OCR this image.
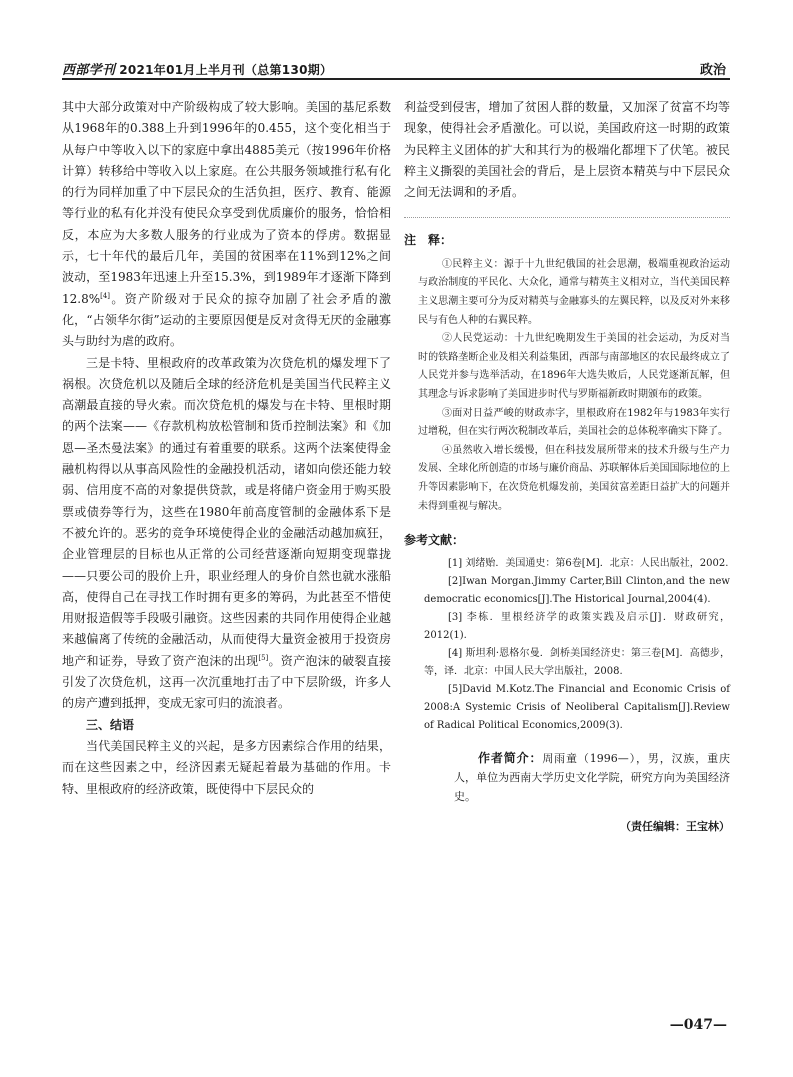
西部学刊 2021年01月上半月刊（总第130期）	政治

其中大部分政策对中产阶级构成了较大影响。美国的基尼系数从1968年的0.388上升到1996年的0.455，这个变化相当于从每户中等收入以下的家庭中拿出4885美元（按1996年价格计算）转移给中等收入以上家庭。在公共服务领域推行私有化的行为同样加重了中下层民众的生活负担，医疗、教育、能源等行业的私有化并没有使民众享受到优质廉价的服务，恰恰相反，本应为大多数人服务的行业成为了资本的俘虏。数据显示，七十年代的最后几年，美国的贫困率在11%到12%之间波动，至1983年迅速上升至15.3%，到1989年才逐渐下降到12.8%[4]。资产阶级对于民众的掠夺加剧了社会矛盾的激化，“占领华尔街”运动的主要原因便是反对贪得无厌的金融寡头与助纣为虐的政府。

三是卡特、里根政府的改革政策为次贷危机的爆发埋下了祸根。次贷危机以及随后全球的经济危机是美国当代民粹主义高潮最直接的导火索。而次贷危机的爆发与在卡特、里根时期的两个法案——《存款机构放松管制和货币控制法案》和《加恩—圣杰曼法案》的通过有着重要的联系。这两个法案使得金融机构得以从事高风险性的金融投机活动，诸如向偿还能力较弱、信用度不高的对象提供贷款，或是将储户资金用于购买股票或债券等行为，这些在1980年前高度管制的金融体系下是不被允许的。恶劣的竞争环境使得企业的金融活动越加疯狂，企业管理层的目标也从正常的公司经营逐渐向短期变现靠拢——只要公司的股价上升，职业经理人的身价自然也就水涨船高，使得自己在寻找工作时拥有更多的筹码，为此甚至不惜使用财报造假等手段吸引融资。这些因素的共同作用使得企业越来越偏离了传统的金融活动，从而使得大量资金被用于投资房地产和证券，导致了资产泡沫的出现[5]。资产泡沫的破裂直接引发了次贷危机，这再一次沉重地打击了中下层阶级，许多人的房产遭到抵押，变成无家可归的流浪者。

三、结语

当代美国民粹主义的兴起，是多方因素综合作用的结果，而在这些因素之中，经济因素无疑起着最为基础的作用。卡特、里根政府的经济政策，既使得中下层民众的

利益受到侵害，增加了贫困人群的数量，又加深了贫富不均等现象，使得社会矛盾激化。可以说，美国政府这一时期的政策为民粹主义团体的扩大和其行为的极端化都埋下了伏笔。被民粹主义撕裂的美国社会的背后，是上层资本精英与中下层民众之间无法调和的矛盾。

注　释：

①民粹主义：源于十九世纪俄国的社会思潮，极端重视政治运动与政治制度的平民化、大众化，通常与精英主义相对立，当代美国民粹主义思潮主要可分为反对精英与金融寡头的左翼民粹，以及反对外来移民与有色人种的右翼民粹。

②人民党运动：十九世纪晚期发生于美国的社会运动，为反对当时的铁路垄断企业及相关利益集团，西部与南部地区的农民最终成立了人民党并参与选举活动，在1896年大选失败后，人民党逐渐瓦解，但其理念与诉求影响了美国进步时代与罗斯福新政时期颁布的政策。

③面对日益严峻的财政赤字，里根政府在1982年与1983年实行过增税，但在实行两次税制改革后，美国社会的总体税率确实下降了。

④虽然收入增长缓慢，但在科技发展所带来的技术升级与生产力发展、全球化所创造的市场与廉价商品、苏联解体后美国国际地位的上升等因素影响下，在次贷危机爆发前，美国贫富差距日益扩大的问题并未得到重视与解决。

参考文献：

[1] 刘绪贻．美国通史：第6卷[M]．北京：人民出版社，2002.

[2]Iwan Morgan.Jimmy Carter,Bill Clinton,and the new democratic economics[J].The Historical Journal,2004(4).

[3] 李栋．里根经济学的政策实践及启示[J]．财政研究，2012(1).

[4] 斯坦利·恩格尔曼．剑桥美国经济史：第三卷[M]．高德步，等，译．北京：中国人民大学出版社，2008.

[5]David M.Kotz.The Financial and Economic Crisis of 2008:A Systemic Crisis of Neoliberal Capitalism[J].Review of Radical Political Economics,2009(3).

作者简介：周雨童（1996—），男，汉族，重庆人，单位为西南大学历史文化学院，研究方向为美国经济史。

（责任编辑：王宝林）
—047—
